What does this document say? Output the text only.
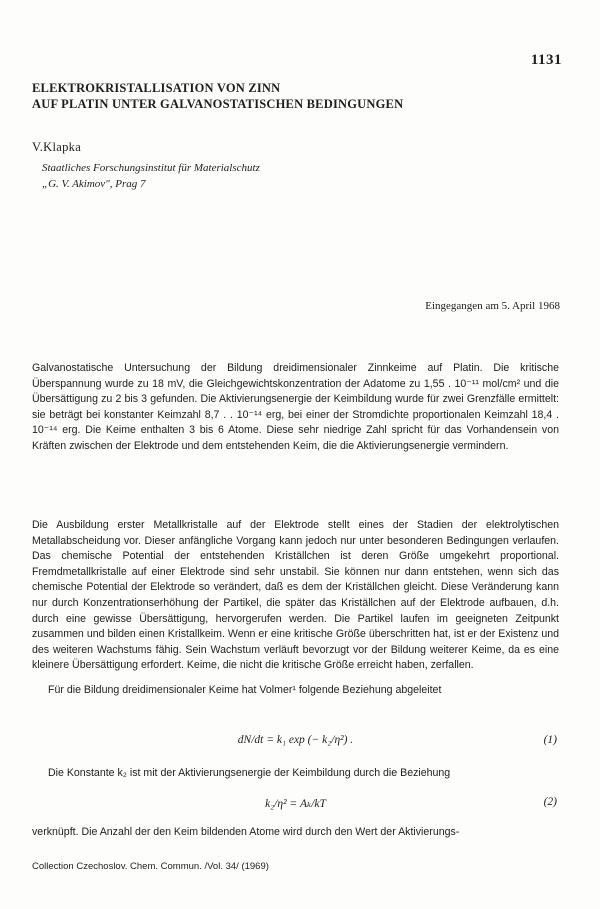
1131
ELEKTROKRISTALLISATION VON ZINN
AUF PLATIN UNTER GALVANOSTATISCHEN BEDINGUNGEN
V.Klapka
Staatliches Forschungsinstitut für Materialschutz
„G. V. Akimov", Prag 7
Eingegangen am 5. April 1968
Galvanostatische Untersuchung der Bildung dreidimensionaler Zinnkeime auf Platin. Die kritische Überspannung wurde zu 18 mV, die Gleichgewichtskonzentration der Adatome zu 1,55 . 10⁻¹¹ mol/cm² und die Übersättigung zu 2 bis 3 gefunden. Die Aktivierungsenergie der Keimbildung wurde für zwei Grenzfälle ermittelt: sie beträgt bei konstanter Keimzahl 8,7 . . 10⁻¹⁴ erg, bei einer der Stromdichte proportionalen Keimzahl 18,4 . 10⁻¹⁴ erg. Die Keime enthalten 3 bis 6 Atome. Diese sehr niedrige Zahl spricht für das Vorhandensein von Kräften zwischen der Elektrode und dem entstehenden Keim, die die Aktivierungsenergie vermindern.

Die Ausbildung erster Metallkristalle auf der Elektrode stellt eines der Stadien der elektrolytischen Metallabscheidung vor. Dieser anfängliche Vorgang kann jedoch nur unter besonderen Bedingungen verlaufen. Das chemische Potential der entstehenden Kriställchen ist deren Größe umgekehrt proportional. Fremdmetallkristalle auf einer Elektrode sind sehr unstabil. Sie können nur dann entstehen, wenn sich das chemische Potential der Elektrode so verändert, daß es dem der Kriställchen gleicht. Diese Veränderung kann nur durch Konzentrationserhöhung der Partikel, die später das Kriställchen auf der Elektrode aufbauen, d.h. durch eine gewisse Übersättigung, hervorgerufen werden. Die Partikel laufen im geeigneten Zeitpunkt zusammen und bilden einen Kristallkeim. Wenn er eine kritische Größe überschritten hat, ist er der Existenz und des weiteren Wachstums fähig. Sein Wachstum verläuft bevorzugt vor der Bildung weiterer Keime, da es eine kleinere Übersättigung erfordert. Keime, die nicht die kritische Größe erreicht haben, zerfallen.

Für die Bildung dreidimensionaler Keime hat Volmer¹ folgende Beziehung abgeleitet

dN/dt = k₁ exp (− k₂/η²) .	(1)
Die Konstante k₂ ist mit der Aktivierungsenergie der Keimbildung durch die Beziehung
k₂/η² = Aₖ/kT	(2)
verknüpft. Die Anzahl der den Keim bildenden Atome wird durch den Wert der Aktivierungs-
Collection Czechoslov. Chem. Commun. /Vol. 34/ (1969)
